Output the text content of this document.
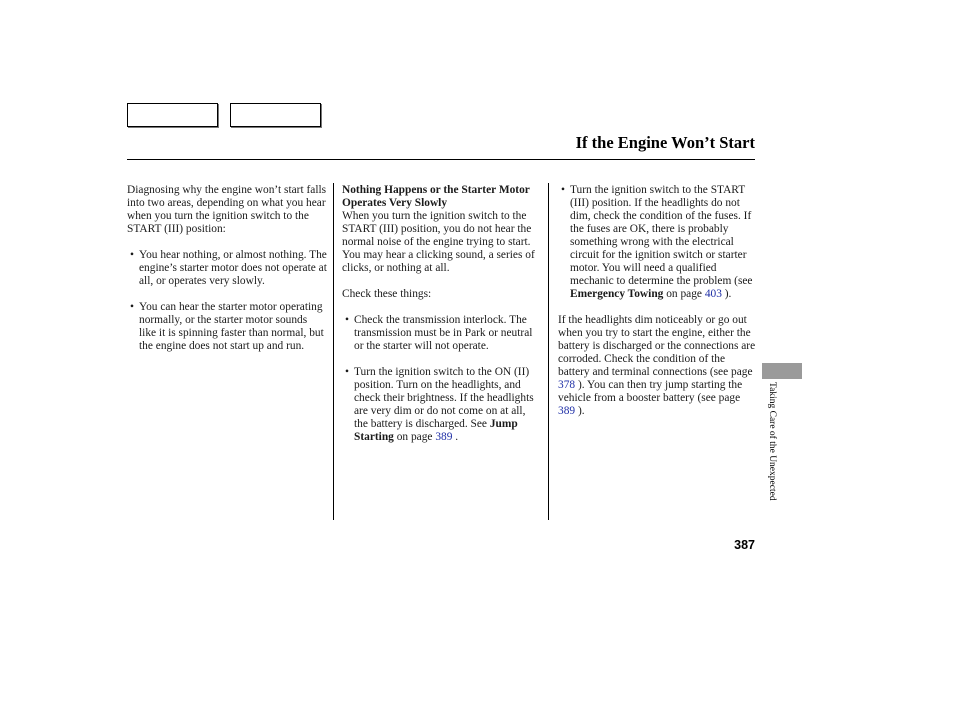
If the Engine Won’t Start

Diagnosing why the engine won’t start falls into two areas, depending on what you hear when you turn the ignition switch to the START (III) position:

• You hear nothing, or almost nothing. The engine’s starter motor does not operate at all, or operates very slowly.
• You can hear the starter motor operating normally, or the starter motor sounds like it is spinning faster than normal, but the engine does not start up and run.
Nothing Happens or the Starter Motor Operates Very Slowly

When you turn the ignition switch to the START (III) position, you do not hear the normal noise of the engine trying to start. You may hear a clicking sound, a series of clicks, or nothing at all.

Check these things:

• Check the transmission interlock. The transmission must be in Park or neutral or the starter will not operate.
• Turn the ignition switch to the ON (II) position. Turn on the headlights, and check their brightness. If the headlights are very dim or do not come on at all, the battery is discharged. See Jump Starting on page 389 .
• Turn the ignition switch to the START (III) position. If the headlights do not dim, check the condition of the fuses. If the fuses are OK, there is probably something wrong with the electrical circuit for the ignition switch or starter motor. You will need a qualified mechanic to determine the problem (see Emergency Towing on page 403 ).

If the headlights dim noticeably or go out when you try to start the engine, either the battery is discharged or the connections are corroded. Check the condition of the battery and terminal connections (see page 378 ). You can then try jump starting the vehicle from a booster battery (see page 389 ).	Taking Care of the Unexpected
387
